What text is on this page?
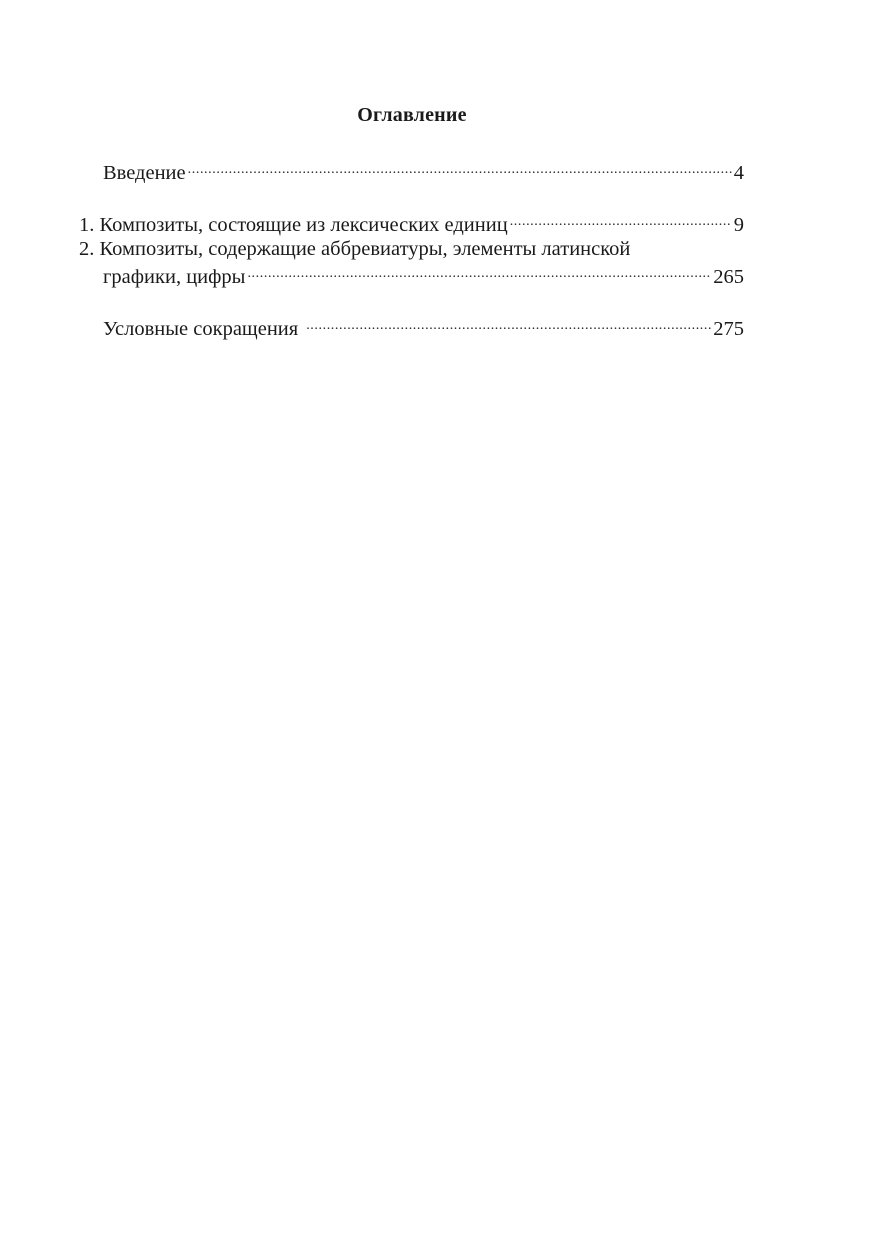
Оглавление
Введение .....	4
1. Композиты, состоящие из лексических единиц .....	9
2. Композиты, содержащие аббревиатуры, элементы латинской
графики, цифры .....	265
Условные сокращения .....	275
